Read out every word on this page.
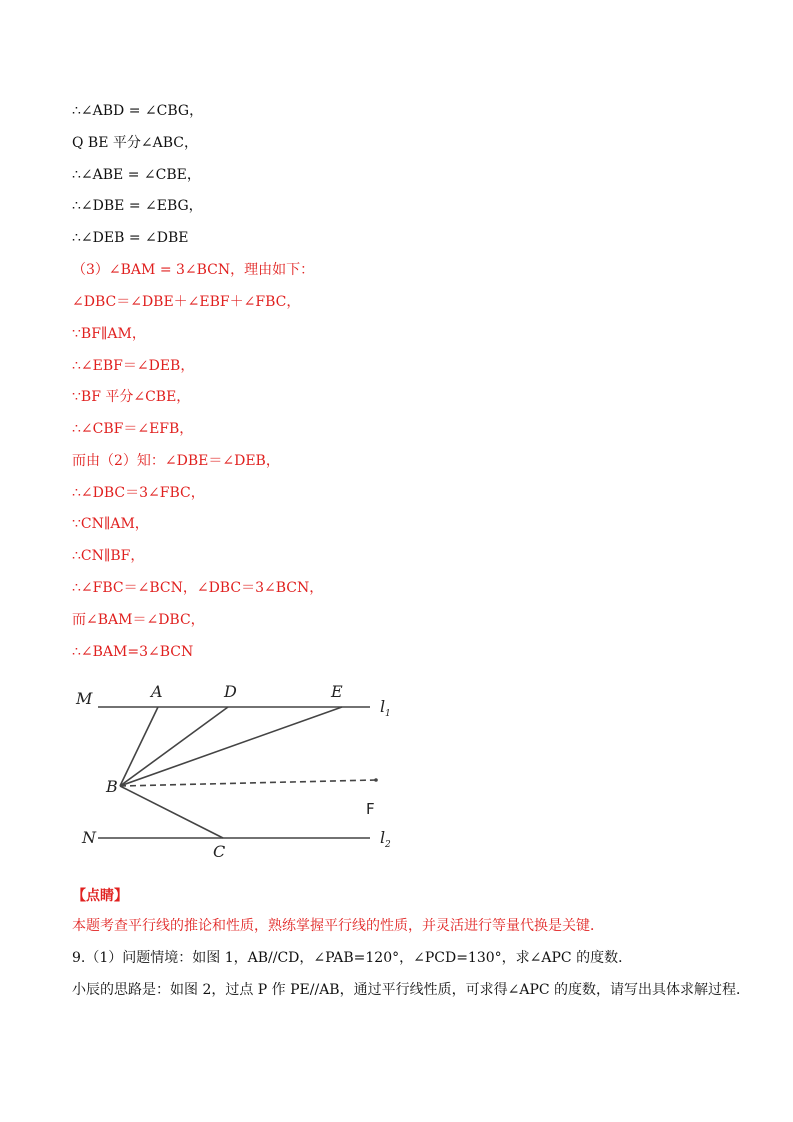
∴∠ABD = ∠CBG，
Q BE 平分∠ABC，
∴∠ABE = ∠CBE，
∴∠DBE = ∠EBG，
∴∠DEB = ∠DBE
（3）∠BAM = 3∠BCN，理由如下：
∠DBC＝∠DBE＋∠EBF＋∠FBC，
∵BF∥AM，
∴∠EBF＝∠DEB，
∵BF 平分∠CBE，
∴∠CBF＝∠EFB，
而由（2）知：∠DBE＝∠DEB，
∴∠DBC＝3∠FBC，
∵CN∥AM，
∴CN∥BF，
∴∠FBC＝∠BCN，∠DBC＝3∠BCN，
而∠BAM＝∠DBC，
∴∠BAM=3∠BCN
M	A	D	E
l 1
B
F
N
C
l 2
【点睛】
本题考查平行线的推论和性质，熟练掌握平行线的性质，并灵活进行等量代换是关键．
9.（1）问题情境：如图 1，AB//CD，∠PAB=120°，∠PCD=130°，求∠APC 的度数．
小辰的思路是：如图 2，过点 P 作 PE//AB，通过平行线性质，可求得∠APC 的度数，请写出具体求解过程．
